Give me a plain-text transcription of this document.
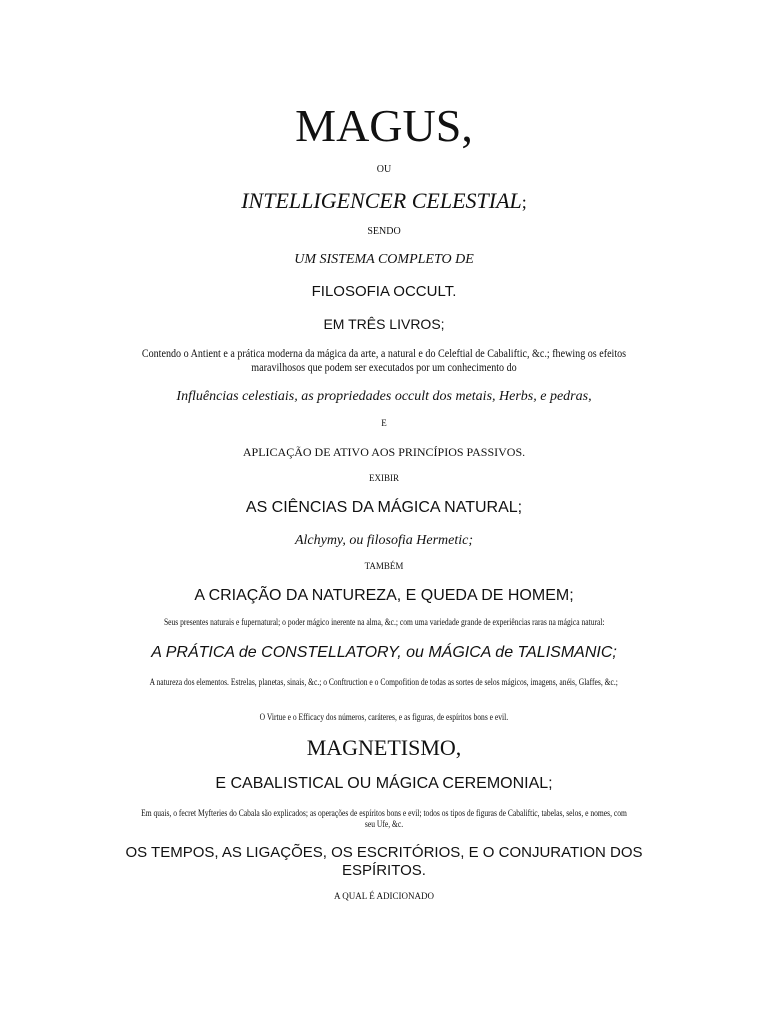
MAGUS,
OU
INTELLIGENCER CELESTIAL;
SENDO
UM SISTEMA COMPLETO DE
FILOSOFIA OCCULT.
EM TRÊS LIVROS;
Contendo o Antient e a prática moderna da mágica da arte, a natural e do Celeftial de Cabaliftic, &c.; fhewing os efeitos maravilhosos que podem ser executados por um conhecimento do
Influências celestiais, as propriedades occult dos metais, Herbs, e pedras,
E
APLICAÇÃO DE ATIVO AOS PRINCÍPIOS PASSIVOS.
EXIBIR
AS CIÊNCIAS DA MÁGICA NATURAL;
Alchymy, ou filosofia Hermetic;
TAMBÉM
A CRIAÇÃO DA NATUREZA, E QUEDA DE HOMEM;
Seus presentes naturais e fupernatural; o poder mágico inerente na alma, &c.; com uma variedade grande de experiências raras na mágica natural:
A PRÁTICA de CONSTELLATORY, ou MÁGICA de TALISMANIC;
A natureza dos elementos. Estrelas, planetas, sinais, &c.; o Conftruction e o Compofition de todas as sortes de selos mágicos, imagens, anéis, Glaffes, &c.;
O Virtue e o Efficacy dos números, caráteres, e as figuras, de espíritos bons e evil.
MAGNETISMO,
E CABALISTICAL OU MÁGICA CEREMONIAL;
Em quais, o fecret Myfteries do Cabala são explicados; as operações de espíritos bons e evil; todos os tipos de figuras de Cabaliftic, tabelas, selos, e nomes, com seu Ufe, &c.
OS TEMPOS, AS LIGAÇÕES, OS ESCRITÓRIOS, E O CONJURATION DOS ESPÍRITOS.
A QUAL É ADICIONADO
